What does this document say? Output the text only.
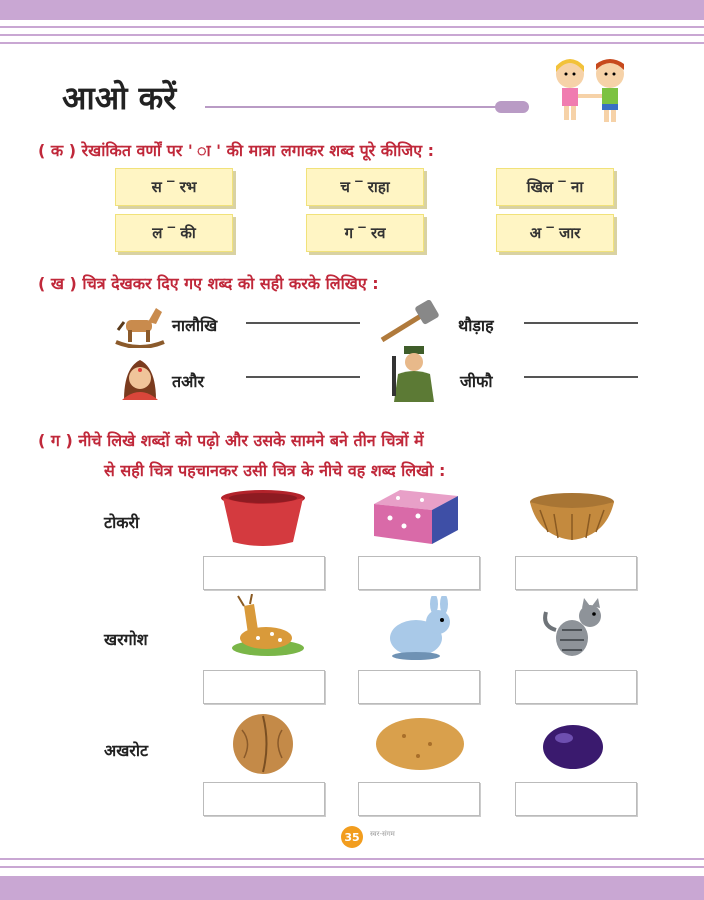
आओ करें
( क ) रेखांकित वर्णों पर ' ा ' की मात्रा लगाकर शब्द पूरे कीजिए :
स ‾ रभ	च ‾ राहा	खिल ‾ ना
ल ‾ की	ग ‾ रव	अ ‾ जार
( ख ) चित्र देखकर दिए गए शब्द को सही करके लिखिए :
नालौखि	थौड़ाह
तऔर	जीफौ
( ग ) नीचे लिखे शब्दों को पढ़ो और उसके सामने बने तीन चित्रों में
से सही चित्र पहचानकर उसी चित्र के नीचे वह शब्द लिखो :
टोकरी
खरगोश
अखरोट
35	स्वर-संगम
